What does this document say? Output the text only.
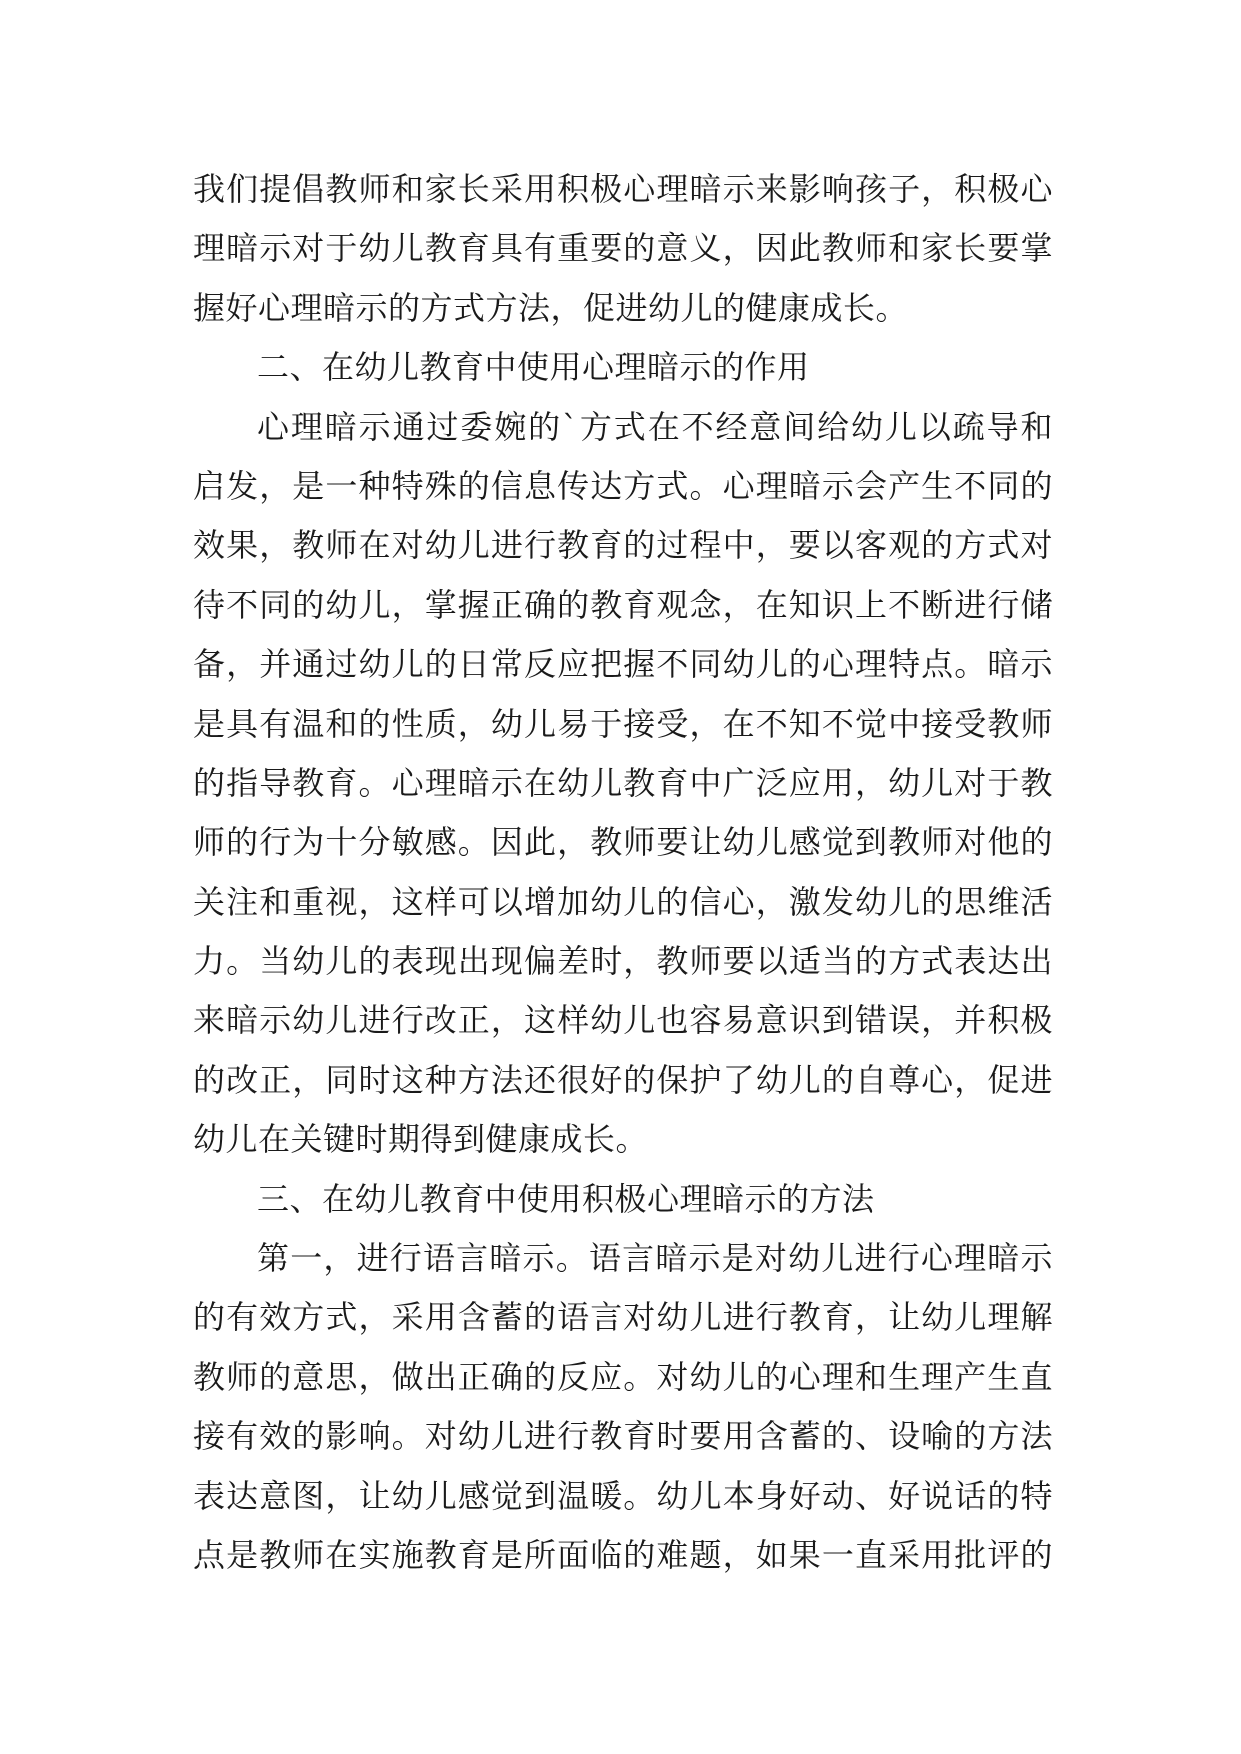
我们提倡教师和家长采用积极心理暗示来影响孩子，积极心
理暗示对于幼儿教育具有重要的意义，因此教师和家长要掌
握好心理暗示的方式方法，促进幼儿的健康成长。
二、在幼儿教育中使用心理暗示的作用
心理暗示通过委婉的`方式在不经意间给幼儿以疏导和
启发，是一种特殊的信息传达方式。心理暗示会产生不同的
效果，教师在对幼儿进行教育的过程中，要以客观的方式对
待不同的幼儿，掌握正确的教育观念，在知识上不断进行储
备，并通过幼儿的日常反应把握不同幼儿的心理特点。暗示
是具有温和的性质，幼儿易于接受，在不知不觉中接受教师
的指导教育。心理暗示在幼儿教育中广泛应用，幼儿对于教
师的行为十分敏感。因此，教师要让幼儿感觉到教师对他的
关注和重视，这样可以增加幼儿的信心，激发幼儿的思维活
力。当幼儿的表现出现偏差时，教师要以适当的方式表达出
来暗示幼儿进行改正，这样幼儿也容易意识到错误，并积极
的改正，同时这种方法还很好的保护了幼儿的自尊心，促进
幼儿在关键时期得到健康成长。
三、在幼儿教育中使用积极心理暗示的方法
第一，进行语言暗示。语言暗示是对幼儿进行心理暗示
的有效方式，采用含蓄的语言对幼儿进行教育，让幼儿理解
教师的意思，做出正确的反应。对幼儿的心理和生理产生直
接有效的影响。对幼儿进行教育时要用含蓄的、设喻的方法
表达意图，让幼儿感觉到温暖。幼儿本身好动、好说话的特
点是教师在实施教育是所面临的难题，如果一直采用批评的
